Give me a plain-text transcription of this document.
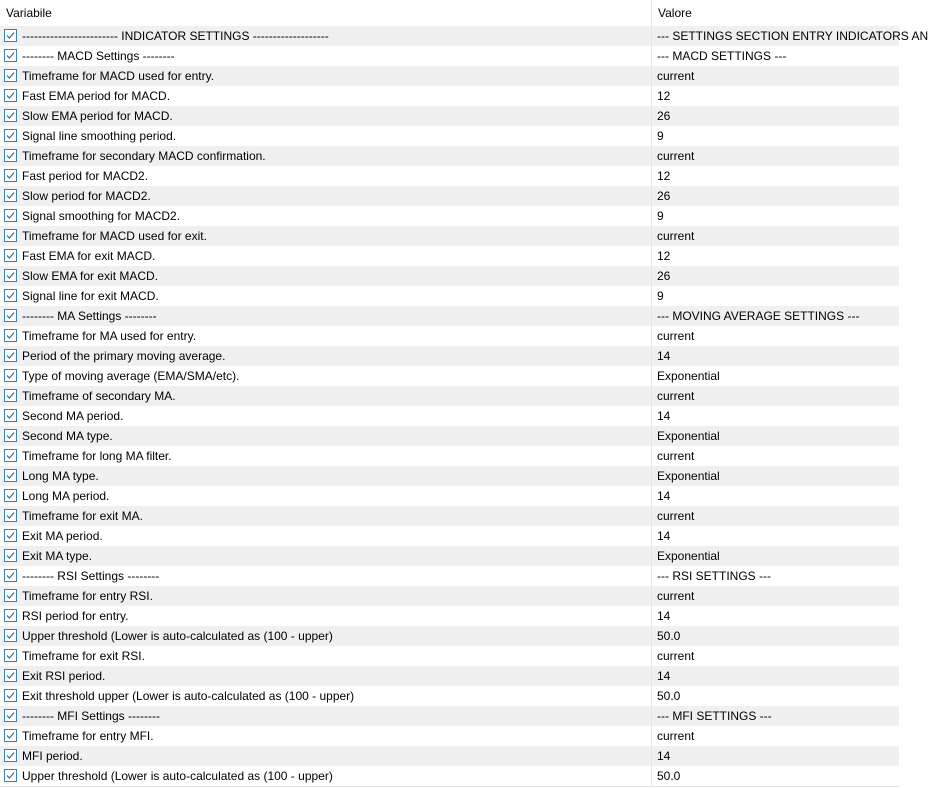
Variabile	Valore
------------------------ INDICATOR SETTINGS -------------------	--- SETTINGS SECTION ENTRY INDICATORS AN
-------- MACD Settings --------	--- MACD SETTINGS ---
Timeframe for MACD used for entry.	current
Fast EMA period for MACD.	12
Slow EMA period for MACD.	26
Signal line smoothing period.	9
Timeframe for secondary MACD confirmation.	current
Fast period for MACD2.	12
Slow period for MACD2.	26
Signal smoothing for MACD2.	9
Timeframe for MACD used for exit.	current
Fast EMA for exit MACD.	12
Slow EMA for exit MACD.	26
Signal line for exit MACD.	9
-------- MA Settings --------	--- MOVING AVERAGE SETTINGS ---
Timeframe for MA used for entry.	current
Period of the primary moving average.	14
Type of moving average (EMA/SMA/etc).	Exponential
Timeframe of secondary MA.	current
Second MA period.	14
Second MA type.	Exponential
Timeframe for long MA filter.	current
Long MA type.	Exponential
Long MA period.	14
Timeframe for exit MA.	current
Exit MA period.	14
Exit MA type.	Exponential
-------- RSI Settings --------	--- RSI SETTINGS ---
Timeframe for entry RSI.	current
RSI period for entry.	14
Upper threshold (Lower is auto-calculated as (100 - upper)	50.0
Timeframe for exit RSI.	current
Exit RSI period.	14
Exit threshold upper (Lower is auto-calculated as (100 - upper)	50.0
-------- MFI Settings --------	--- MFI SETTINGS ---
Timeframe for entry MFI.	current
MFI period.	14
Upper threshold (Lower is auto-calculated as (100 - upper)	50.0
